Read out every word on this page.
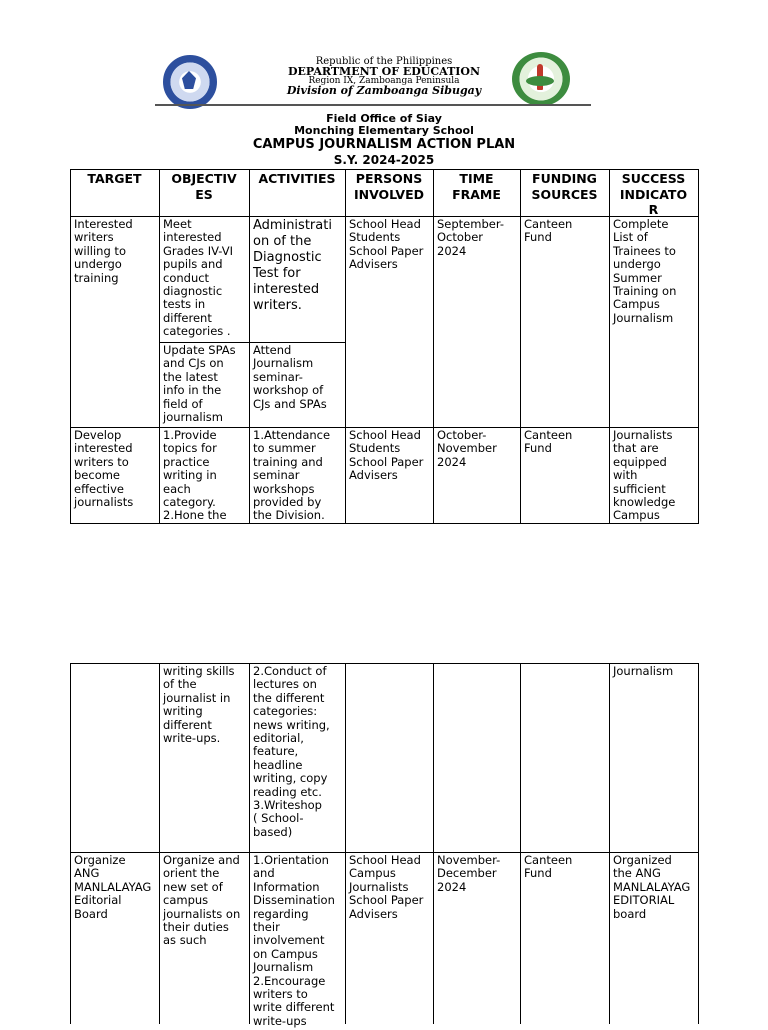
Republic of the Philippines
DEPARTMENT OF EDUCATION
Region IX, Zamboanga Peninsula
Division of Zamboanga Sibugay
Field Office of Siay
Monching Elementary School
CAMPUS JOURNALISM ACTION PLAN
S.Y. 2024-2025
TARGET	OBJECTIV
ES
ACTIVITIES	PERSONS
INVOLVED
TIME
FRAME
FUNDING
SOURCES
SUCCESS
INDICATO
R
Interested
writers
willing to
undergo
training
Meet
interested
Grades IV-VI
pupils and
conduct
diagnostic
tests in
different
categories .
Administrati
on of the
Diagnostic
Test for
interested
writers.
Update SPAs
and CJs on
the latest
info in the
field of
journalism
Attend
Journalism
seminar-
workshop of
CJs and SPAs
School Head
Students
School Paper
Advisers
September-
October
2024
Canteen
Fund
Complete
List of
Trainees to
undergo
Summer
Training on
Campus
Journalism
Develop
interested
writers to
become
effective
journalists
1.Provide
topics for
practice
writing in
each
category.
2.Hone the
1.Attendance
to summer
training and
seminar
workshops
provided by
the Division.
School Head
Students
School Paper
Advisers
October-
November
2024
Canteen
Fund
Journalists
that are
equipped
with
sufficient
knowledge
Campus
Organize
ANG
MANLALAYAG
Editorial
Board
writing skills
of the
journalist in
writing
different
write-ups.
Organize and
orient the
new set of
campus
journalists on
their duties
as such
2.Conduct of
lectures on
the different
categories:
news writing,
editorial,
feature,
headline
writing, copy
reading etc.
3.Writeshop
( School-
based)
1.Orientation
and
Information
Dissemination
regarding
their
involvement
on Campus
Journalism
2.Encourage
writers to
write different
write-ups
School Head
Campus
Journalists
School Paper
Advisers
November-
December
2024
Canteen
Fund
Journalism
Organized
the ANG
MANLALAYAG
EDITORIAL
board
